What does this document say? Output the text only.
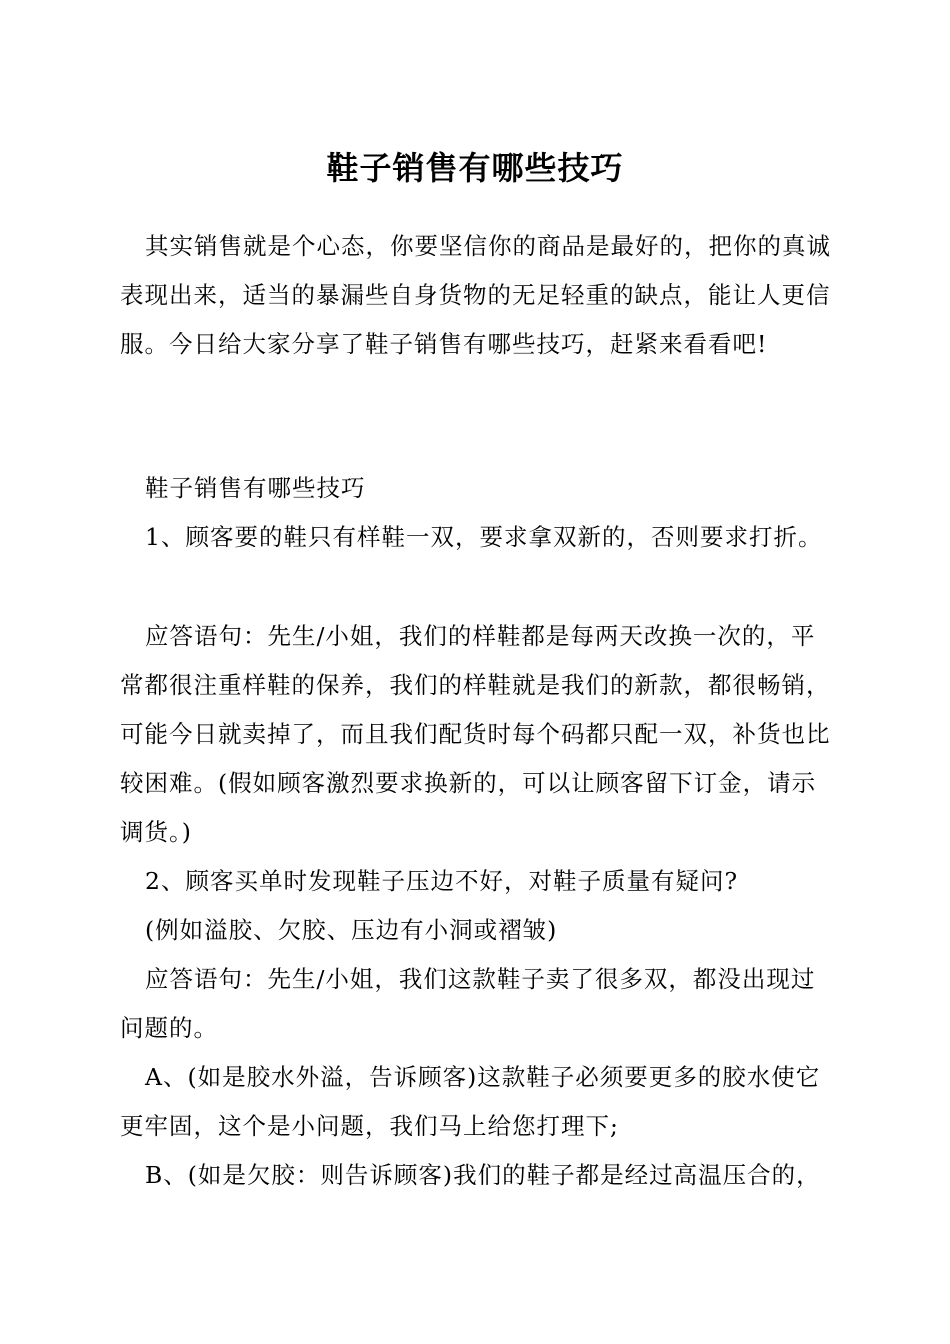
鞋子销售有哪些技巧

其实销售就是个心态，你要坚信你的商品是最好的，把你的真诚表现出来，适当的暴漏些自身货物的无足轻重的缺点，能让人更信服。今日给大家分享了鞋子销售有哪些技巧，赶紧来看看吧!

鞋子销售有哪些技巧

1、顾客要的鞋只有样鞋一双，要求拿双新的，否则要求打折。

应答语句：先生/小姐，我们的样鞋都是每两天改换一次的，平常都很注重样鞋的保养，我们的样鞋就是我们的新款，都很畅销，可能今日就卖掉了，而且我们配货时每个码都只配一双，补货也比较困难。(假如顾客激烈要求换新的，可以让顾客留下订金，请示调货。)

2、顾客买单时发现鞋子压边不好，对鞋子质量有疑问?

(例如溢胶、欠胶、压边有小洞或褶皱)

应答语句：先生/小姐，我们这款鞋子卖了很多双，都没出现过问题的。

A、(如是胶水外溢，告诉顾客)这款鞋子必须要更多的胶水使它更牢固，这个是小问题，我们马上给您打理下;

B、(如是欠胶：则告诉顾客)我们的鞋子都是经过高温压合的，
